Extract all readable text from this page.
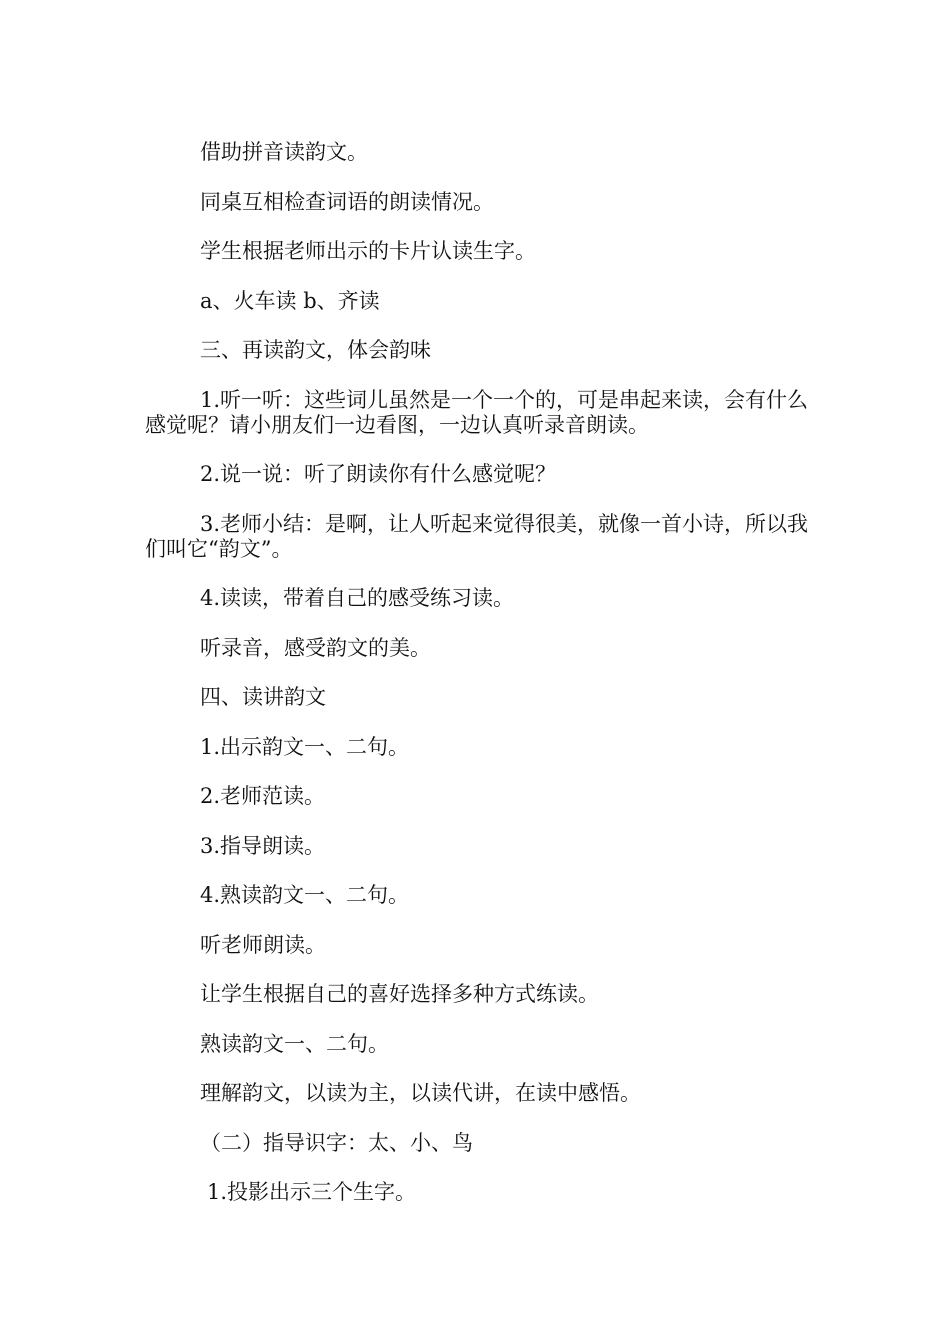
借助拼音读韵文。

同桌互相检查词语的朗读情况。

学生根据老师出示的卡片认读生字。

a、火车读 b、齐读

三、再读韵文，体会韵味

1.听一听：这些词儿虽然是一个一个的，可是串起来读，会有什么感觉呢？请小朋友们一边看图，一边认真听录音朗读。

2.说一说：听了朗读你有什么感觉呢？

3.老师小结：是啊，让人听起来觉得很美，就像一首小诗，所以我们叫它“韵文”。

4.读读，带着自己的感受练习读。

听录音，感受韵文的美。

四、读讲韵文

1.出示韵文一、二句。

2.老师范读。

3.指导朗读。

4.熟读韵文一、二句。

听老师朗读。

让学生根据自己的喜好选择多种方式练读。

熟读韵文一、二句。

理解韵文，以读为主，以读代讲，在读中感悟。

（二）指导识字：太、小、鸟

1.投影出示三个生字。
